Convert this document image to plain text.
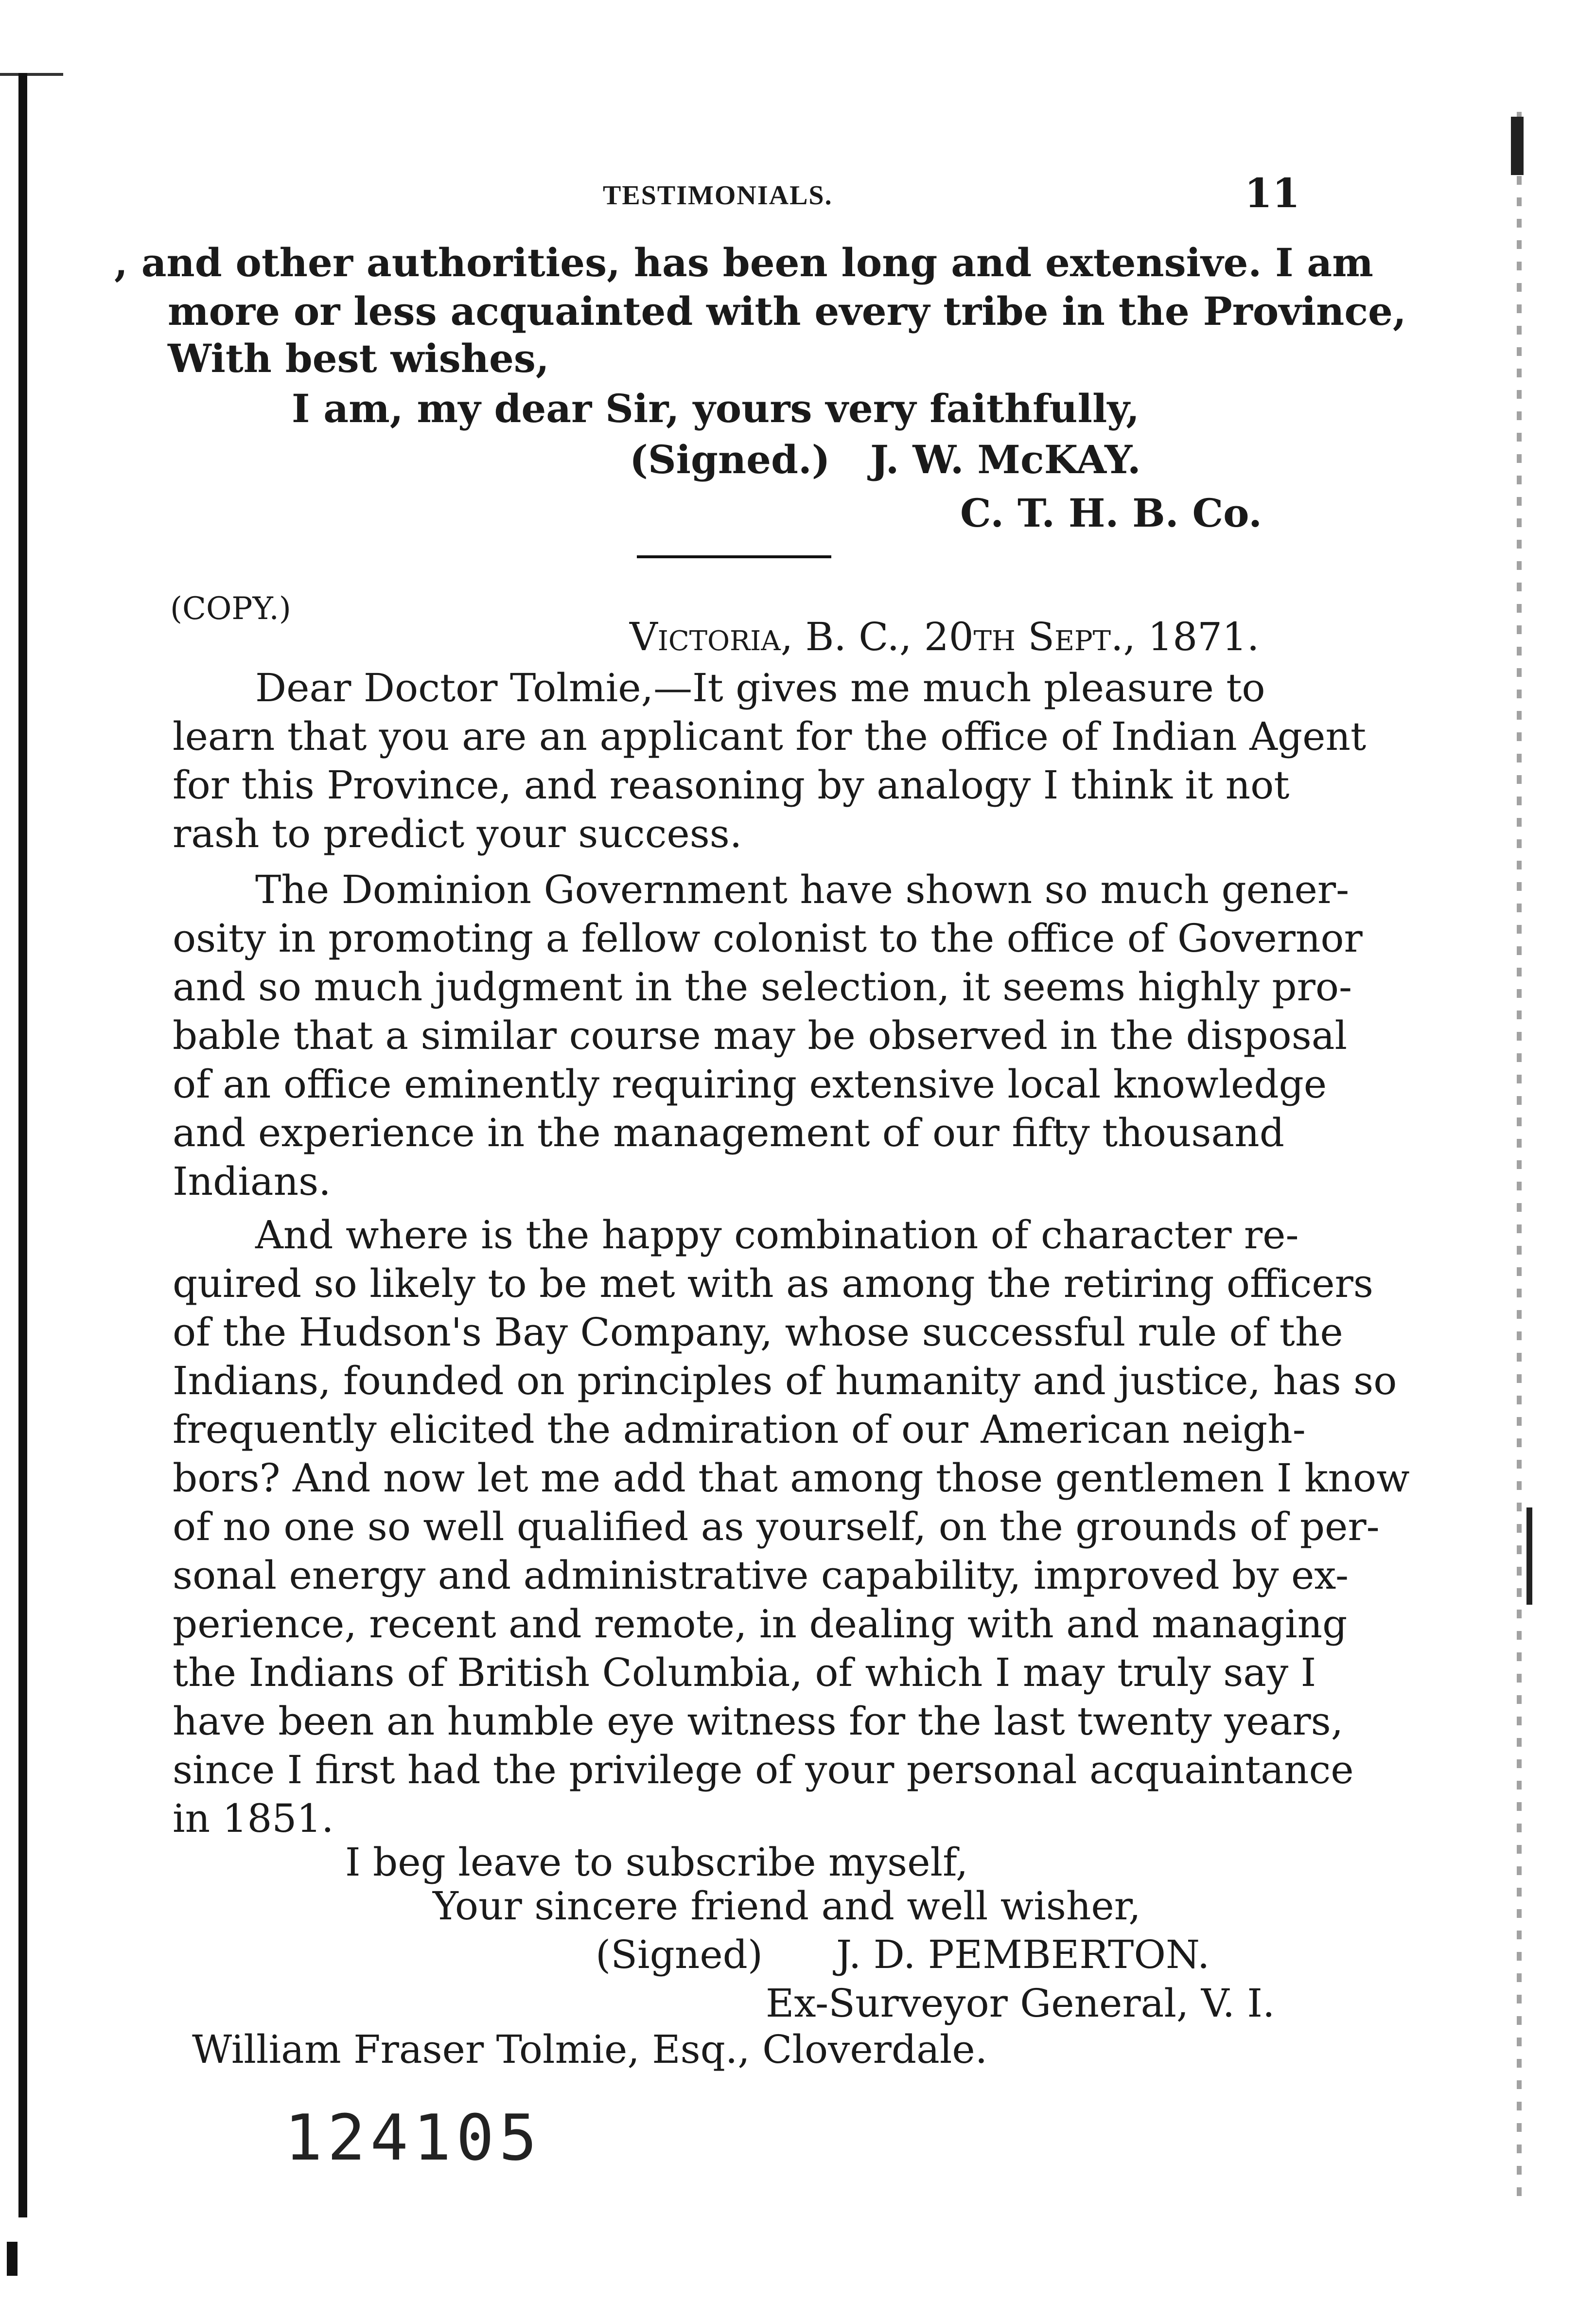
TESTIMONIALS.	11
, and other authorities, has been long and extensive. I am
more or less acquainted with every tribe in the Province,
With best wishes,
I am, my dear Sir, yours very faithfully,
(Signed.) J. W. McKAY.
C. T. H. B. Co.
(COPY.)
Victoria, B. C., 20th Sept., 1871.
Dear Doctor Tolmie,—It gives me much pleasure to
learn that you are an applicant for the office of Indian Agent
for this Province, and reasoning by analogy I think it not
rash to predict your success.
The Dominion Government have shown so much gener-
osity in promoting a fellow colonist to the office of Governor
and so much judgment in the selection, it seems highly pro-
bable that a similar course may be observed in the disposal
of an office eminently requiring extensive local knowledge
and experience in the management of our fifty thousand
Indians.
And where is the happy combination of character re-
quired so likely to be met with as among the retiring officers
of the Hudson's Bay Company, whose successful rule of the
Indians, founded on principles of humanity and justice, has so
frequently elicited the admiration of our American neigh-
bors? And now let me add that among those gentlemen I know
of no one so well qualified as yourself, on the grounds of per-
sonal energy and administrative capability, improved by ex-
perience, recent and remote, in dealing with and managing
the Indians of British Columbia, of which I may truly say I
have been an humble eye witness for the last twenty years,
since I first had the privilege of your personal acquaintance
in 1851.
I beg leave to subscribe myself,
Your sincere friend and well wisher,
(Signed) J. D. PEMBERTON.
Ex-Surveyor General, V. I.
William Fraser Tolmie, Esq., Cloverdale.
124105
